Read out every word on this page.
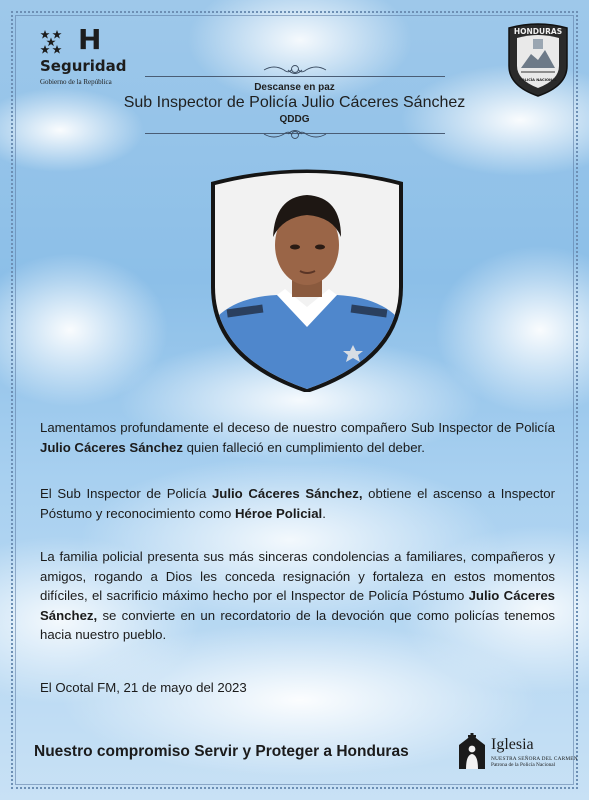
H
Seguridad
Gobierno de la República
HONDURAS
POLICÍA NACIONAL
Descanse en paz
Sub Inspector de Policía Julio Cáceres Sánchez
QDDG
Lamentamos profundamente el deceso de nuestro compañero Sub Inspector de Policía Julio Cáceres Sánchez quien falleció en cumplimiento del deber.
El Sub Inspector de Policía Julio Cáceres Sánchez, obtiene el ascenso a Inspector Póstumo y reconocimiento como Héroe Policial.
La familia policial presenta sus más sinceras condolencias a familiares, compañeros y amigos, rogando a Dios les conceda resignación y fortaleza en estos momentos difíciles, el sacrificio máximo hecho por el Inspector de Policía Póstumo Julio Cáceres Sánchez, se convierte en un recordatorio de la devoción que como policías tenemos hacia nuestro pueblo.
El Ocotal FM, 21 de mayo del 2023
Nuestro compromiso Servir y Proteger a Honduras	Iglesia
NUESTRA SEÑORA DEL CARMEN
Patrona de la Policía Nacional
